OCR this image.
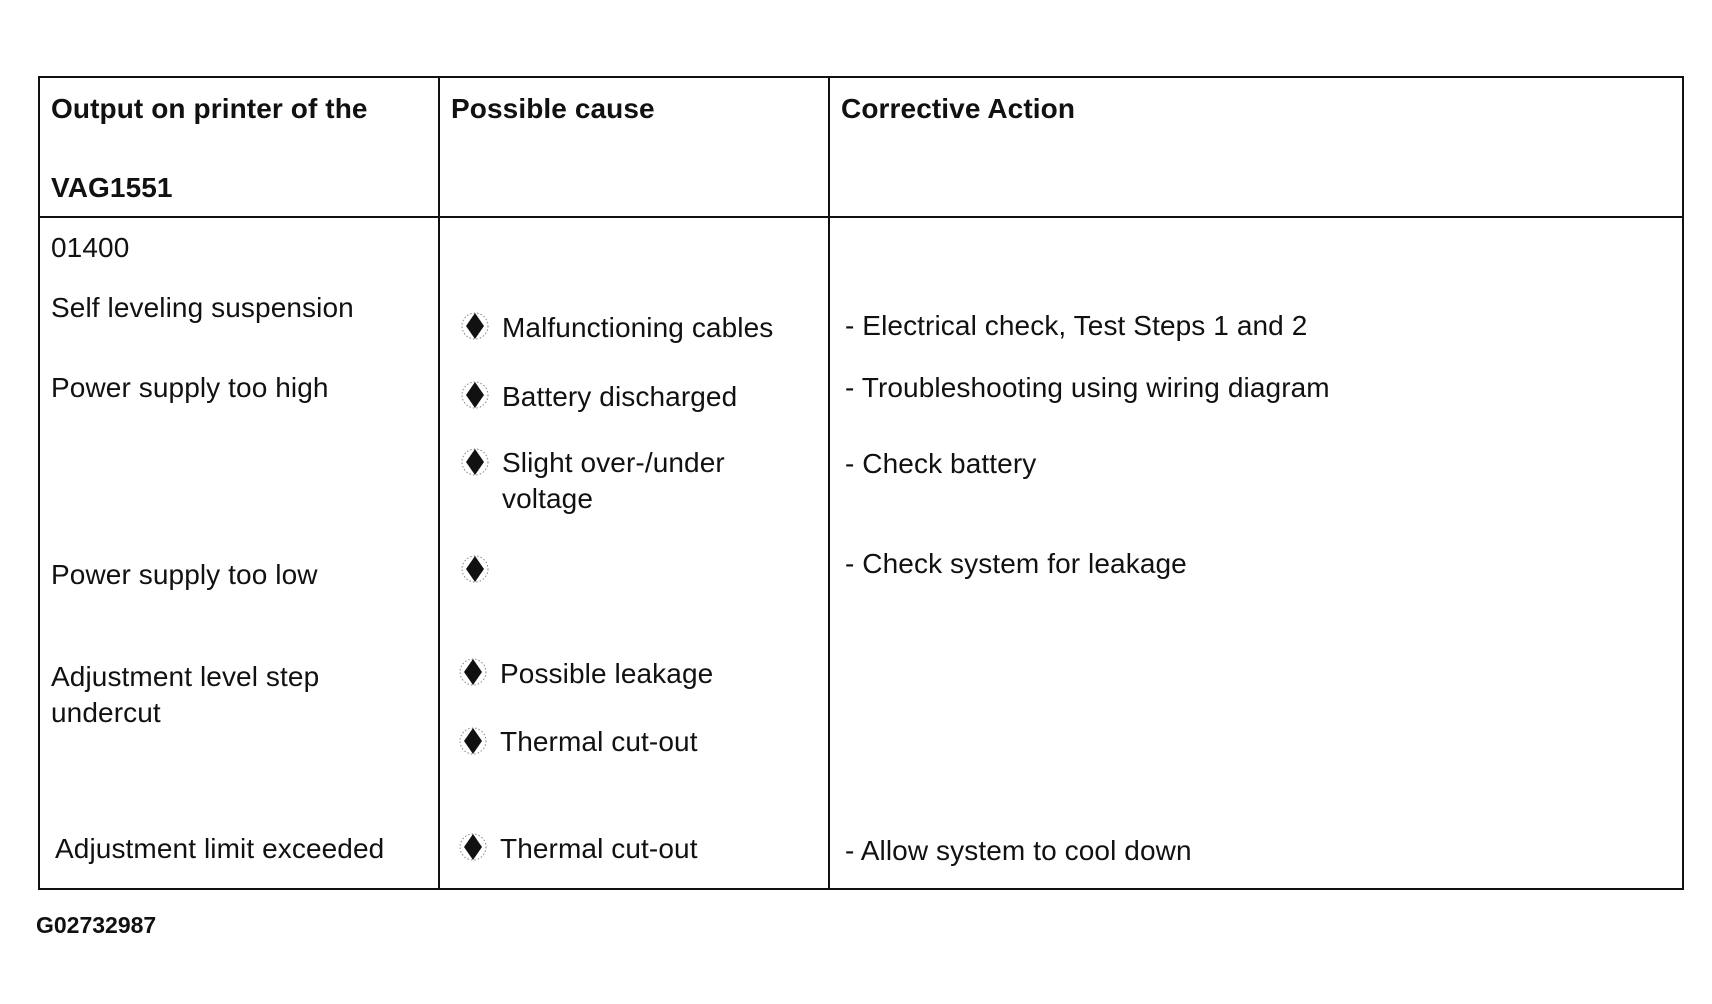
Output on printer of the
VAG1551
Possible cause	Corrective Action
01400
Self leveling suspension
Power supply too high
Power supply too low
Adjustment level step
undercut
Adjustment limit exceeded
Malfunctioning cables
Battery discharged
Slight over-/under
voltage
Possible leakage
Thermal cut-out
Thermal cut-out
- Electrical check, Test Steps 1 and 2
- Troubleshooting using wiring diagram
- Check battery
- Check system for leakage
- Allow system to cool down
G02732987
